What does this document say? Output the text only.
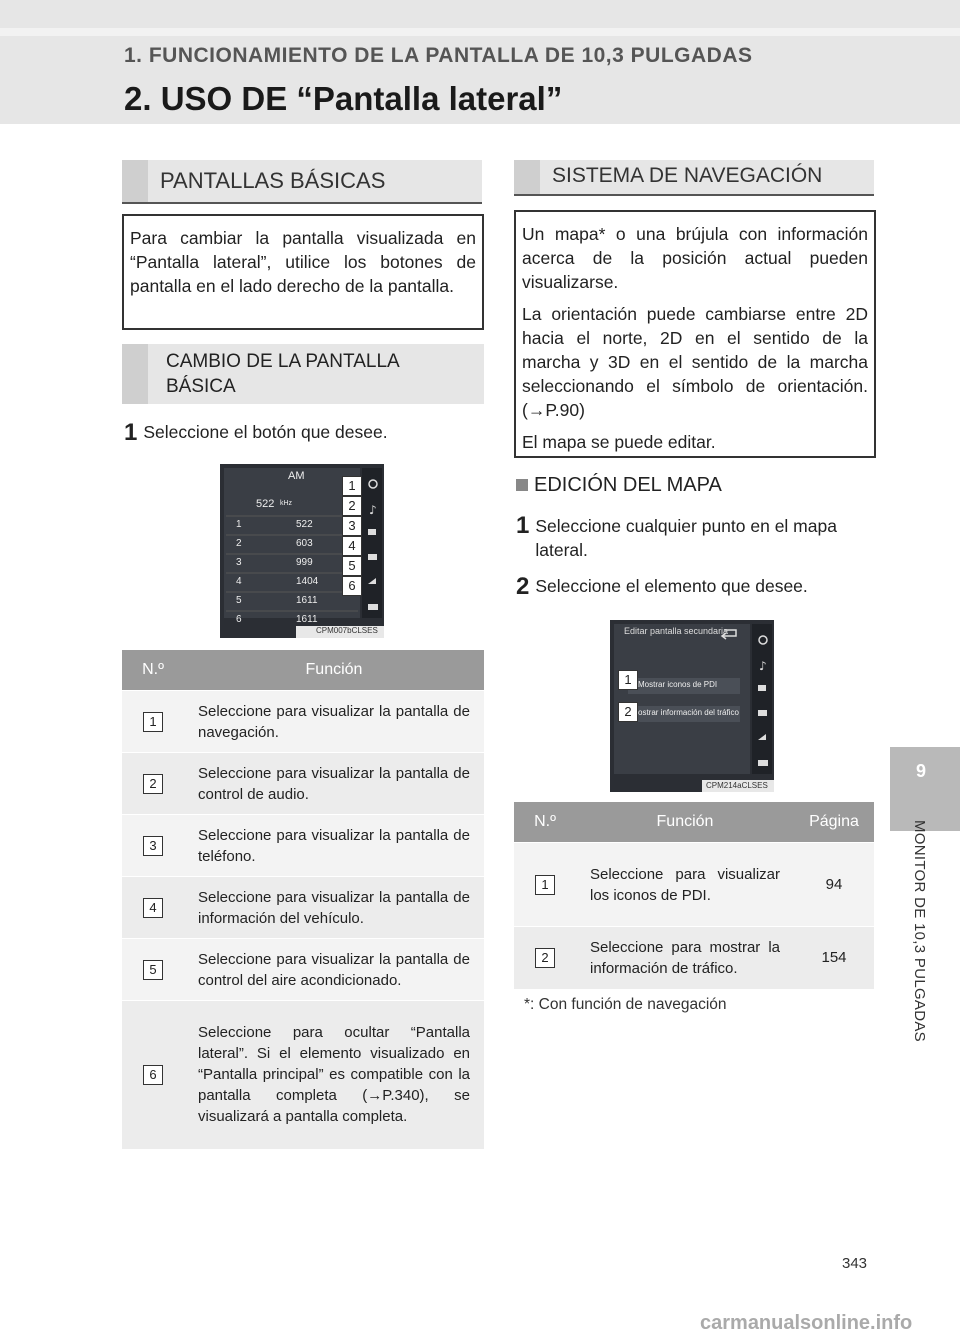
1. FUNCIONAMIENTO DE LA PANTALLA DE 10,3 PULGADAS
2. USO DE “Pantalla lateral”
PANTALLAS BÁSICAS

Para cambiar la pantalla visualizada en “Pantalla lateral”, utilice los botones de pantalla en el lado derecho de la pantalla.

CAMBIO DE LA PANTALLA
BÁSICA
1 Seleccione el botón que desee.
♪
AM
522 kHz
1	522
2	603
3	999
4	1404
5	1611
6	1611
CPM007bCLSES
1
2
3
4
5
6
N.º	Función
1	Seleccione para visualizar la pantalla de navegación.
2	Seleccione para visualizar la pantalla de control de audio.
3	Seleccione para visualizar la pantalla de teléfono.
4	Seleccione para visualizar la pantalla de información del vehículo.
5	Seleccione para visualizar la pantalla de control del aire acondicionado.
6	Seleccione para ocultar “Pantalla lateral”. Si el elemento visualizado en “Pantalla principal” es compatible con la pantalla completa (→P.340), se visualizará a pantalla completa.
SISTEMA DE NAVEGACIÓN

Un mapa* o una brújula con información acerca de la posición actual pueden visualizarse.

La orientación puede cambiarse entre 2D hacia el norte, 2D en el sentido de la marcha y 3D en el sentido de la marcha seleccionando el símbolo de orientación.(→P.90)

El mapa se puede editar.

EDICIÓN DEL MAPA
1 Seleccione cualquier punto en el mapa lateral.
2 Seleccione el elemento que desee.
♪
Editar pantalla secundaria
Mostrar iconos de PDI
ostrar información del tráfico
1
2
CPM214aCLSES
N.º	Función	Página
1	Seleccione para visualizar los iconos de PDI.	94
2	Seleccione para mostrar la información de tráfico.	154
*: Con función de navegación
9
MONITOR DE 10,3 PULGADAS
343
carmanualsonline.info
